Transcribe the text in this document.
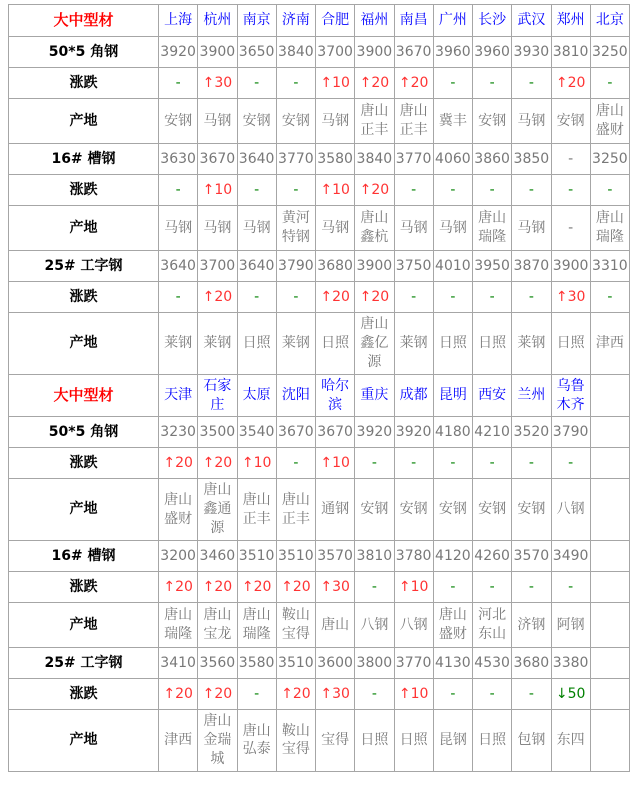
大中型材	上海	杭州	南京	济南	合肥	福州	南昌	广州	长沙	武汉	郑州	北京
50*5 角钢	3920	3900	3650	3840	3700	3900	3670	3960	3960	3930	3810	3250
涨跌	-	↑30	-	-	↑10	↑20	↑20	-	-	-	↑20	-
产地	安钢	马钢	安钢	安钢	马钢	唐山正丰	唐山正丰	冀丰	安钢	马钢	安钢	唐山盛财
16# 槽钢	3630	3670	3640	3770	3580	3840	3770	4060	3860	3850	-	3250
涨跌	-	↑10	-	-	↑10	↑20	-	-	-	-	-	-
产地	马钢	马钢	马钢	黄河特钢	马钢	唐山鑫杭	马钢	马钢	唐山瑞隆	马钢	-	唐山瑞隆
25# 工字钢	3640	3700	3640	3790	3680	3900	3750	4010	3950	3870	3900	3310
涨跌	-	↑20	-	-	↑20	↑20	-	-	-	-	↑30	-
产地	莱钢	莱钢	日照	莱钢	日照	唐山鑫亿源	莱钢	日照	日照	莱钢	日照	津西
大中型材	天津	石家庄	太原	沈阳	哈尔滨	重庆	成都	昆明	西安	兰州	乌鲁木齐	
50*5 角钢	3230	3500	3540	3670	3670	3920	3920	4180	4210	3520	3790	
涨跌	↑20	↑20	↑10	-	↑10	-	-	-	-	-	-	
产地	唐山盛财	唐山鑫通源	唐山正丰	唐山正丰	通钢	安钢	安钢	安钢	安钢	安钢	八钢	
16# 槽钢	3200	3460	3510	3510	3570	3810	3780	4120	4260	3570	3490	
涨跌	↑20	↑20	↑20	↑20	↑30	-	↑10	-	-	-	-	
产地	唐山瑞隆	唐山宝龙	唐山瑞隆	鞍山宝得	唐山	八钢	八钢	唐山盛财	河北东山	济钢	阿钢	
25# 工字钢	3410	3560	3580	3510	3600	3800	3770	4130	4530	3680	3380	
涨跌	↑20	↑20	-	↑20	↑30	-	↑10	-	-	-	↓50	
产地	津西	唐山金瑞城	唐山弘泰	鞍山宝得	宝得	日照	日照	昆钢	日照	包钢	东四	
